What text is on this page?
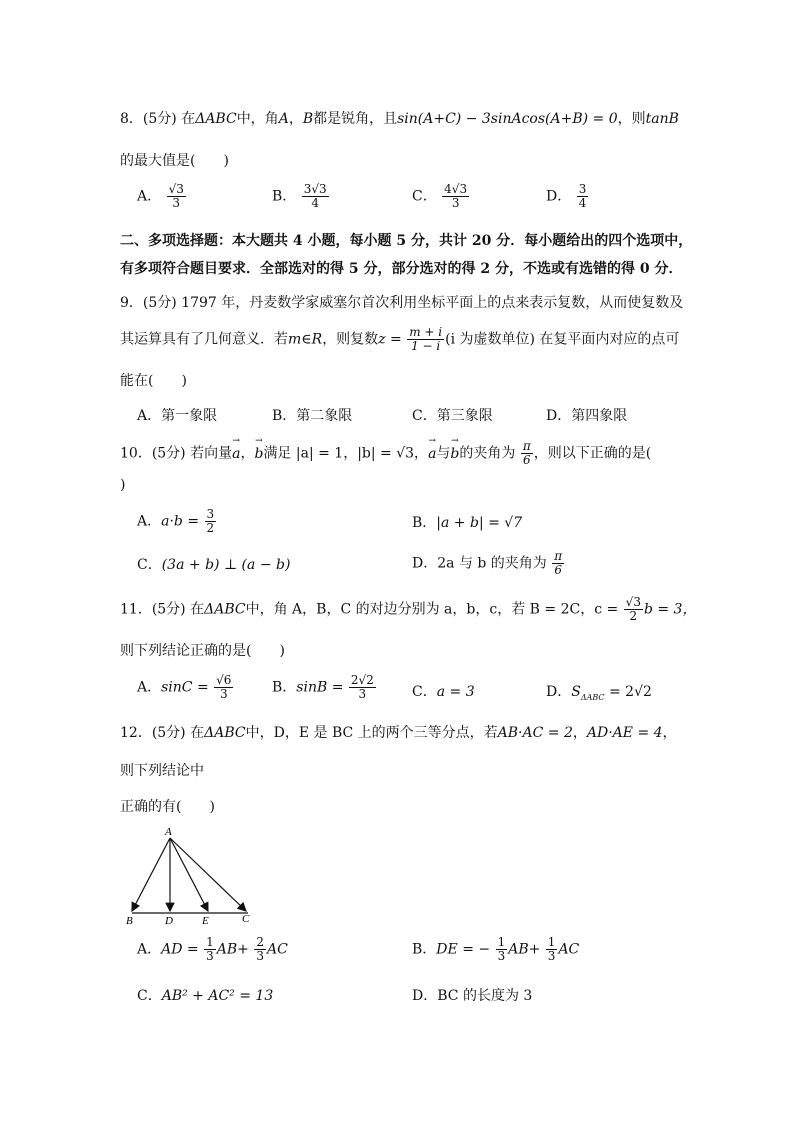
8．(5分) 在ΔABC中，角A，B都是锐角，且sin(A+C) − 3sinAcos(A+B) = 0，则tanB
的最大值是(　　)
A． $\frac{√3}{3}$	B． $\frac{3√3}{4}$	C． $\frac{4√3}{3}$	D． $\frac{3}{4}$
二、多项选择题：本大题共 4 小题，每小题 5 分，共计 20 分．每小题给出的四个选项中，
有多项符合题目要求．全部选对的得 5 分，部分选对的得 2 分，不选或有选错的得 0 分．
9．(5分) 1797 年，丹麦数学家威塞尔首次利用坐标平面上的点来表示复数，从而使复数及
其运算具有了几何意义．若m∈R，则复数$z = \frac{m + i}{1 - i} (i$ 为虚数单位) 在复平面内对应的点可
能在(　　)
A．第一象限	B．第二象限	C．第三象限	D．第四象限
10．(5分) 若向量→ a，→ b满足 |a| = 1，|b| = √3，→ a与→ b的夹角为 $\frac{\pi}{6}$ ，则以下正确的是(
)
A．$a\cdot b = \frac{3}{2}$	B．|a + b| = √7
C．(3a + b) ⊥ (a − b)	D．2a 与 b 的夹角为 $\frac{\pi}{6}$
11．(5分) 在ΔABC中，角 A，B，C 的对边分别为 a，b，c，若 B = 2C，$c = \frac{√3}{2}$ b = 3，
则下列结论正确的是(　　)
A．$\sin C = \frac{√6}{3}$	B．$\sin B = \frac{2√2}{3}$	C．a = 3	D．$S_{\Delta ABC} = 2√2$
12．(5分) 在ΔABC中，D，E 是 BC 上的两个三等分点，若AB·AC = 2，AD·AE = 4，
则下列结论中
正确的有(　　)
A
B	D	E	C
A．AD = $\frac{1}{3} AB+ \frac{2}{3}$ AC	B．DE = − $\frac{1}{3} AB+ \frac{1}{3}$ AC
C．AB² + AC² = 13	D．BC 的长度为 3
